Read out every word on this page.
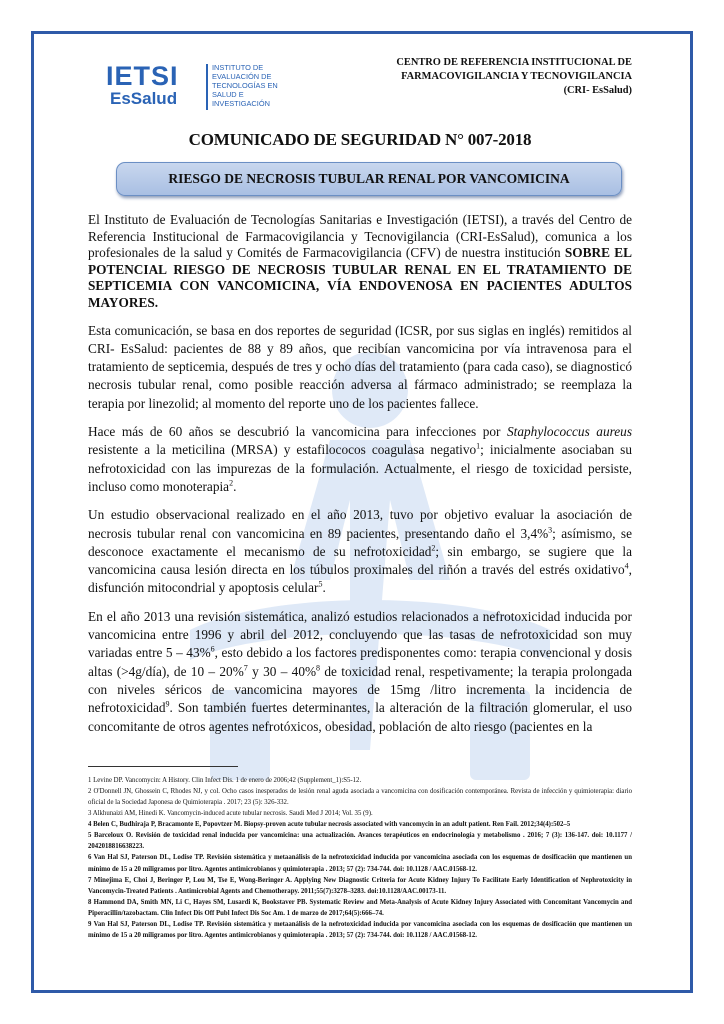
IETSI
EsSalud
INSTITUTO DE
EVALUACIÓN DE
TECNOLOGÍAS EN
SALUD E
INVESTIGACIÓN
CENTRO DE REFERENCIA INSTITUCIONAL DE
FARMACOVIGILANCIA Y TECNOVIGILANCIA
(CRI- EsSalud)
COMUNICADO DE SEGURIDAD N° 007-2018
RIESGO DE NECROSIS TUBULAR RENAL POR VANCOMICINA
El Instituto de Evaluación de Tecnologías Sanitarias e Investigación (IETSI), a través del Centro de Referencia Institucional de Farmacovigilancia y Tecnovigilancia (CRI-EsSalud), comunica a los profesionales de la salud y Comités de Farmacovigilancia (CFV) de nuestra institución SOBRE EL POTENCIAL RIESGO DE NECROSIS TUBULAR RENAL EN EL TRATAMIENTO DE SEPTICEMIA CON VANCOMICINA, VÍA ENDOVENOSA EN PACIENTES ADULTOS MAYORES.
Esta comunicación, se basa en dos reportes de seguridad (ICSR, por sus siglas en inglés) remitidos al CRI- EsSalud: pacientes de 88 y 89 años, que recibían vancomicina por vía intravenosa para el tratamiento de septicemia, después de tres y ocho días del tratamiento (para cada caso), se diagnosticó necrosis tubular renal, como posible reacción adversa al fármaco administrado; se reemplaza la terapia por linezolid; al momento del reporte uno de los pacientes fallece.
Hace más de 60 años se descubrió la vancomicina para infecciones por Staphylococcus aureus resistente a la meticilina (MRSA) y estafilococos coagulasa negativo$^1$; inicialmente asociaban su nefrotoxicidad con las impurezas de la formulación. Actualmente, el riesgo de toxicidad persiste, incluso como monoterapia$^2$.
Un estudio observacional realizado en el año 2013, tuvo por objetivo evaluar la asociación de necrosis tubular renal con vancomicina en 89 pacientes, presentando daño el 3,4%$^3$; asímismo, se desconoce exactamente el mecanismo de su nefrotoxicidad$^2$; sin embargo, se sugiere que la vancomicina causa lesión directa en los túbulos proximales del riñón a través del estrés oxidativo$^4$, disfunción mitocondrial y apoptosis celular$^5$.
En el año 2013 una revisión sistemática, analizó estudios relacionados a nefrotoxicidad inducida por vancomicina entre 1996 y abril del 2012, concluyendo que las tasas de nefrotoxicidad son muy variadas entre 5 – 43%$^6$, esto debido a los factores predisponentes como: terapia convencional y dosis altas (>4g/día), de 10 – 20%$^7$ y 30 – 40%$^8$ de toxicidad renal, respetivamente; la terapia prolongada con niveles séricos de vancomicina mayores de 15mg /litro incrementa la incidencia de nefrotoxicidad$^9$. Son también fuertes determinantes, la alteración de la filtración glomerular, el uso concomitante de otros agentes nefrotóxicos, obesidad, población de alto riesgo (pacientes en la
1 Levine DP. Vancomycin: A History. Clin Infect Dis. 1 de enero de 2006;42 (Supplement_1):S5-12.
2 O'Donnell JN, Ghossein C, Rhodes NJ, y col. Ocho casos inesperados de lesión renal aguda asociada a vancomicina con dosificación contemporánea. Revista de infección y quimioterapia: diario oficial de la Sociedad Japonesa de Quimioterapia . 2017; 23 (5): 326-332.
3 Alkhunaizi AM, Hinedi K. Vancomycin-induced acute tubular necrosis. Saudi Med J 2014; Vol. 35 (9).
4 Belen C, Budhiraja P, Bracamonte E, Popovtzer M. Biopsy-proven acute tubular necrosis associated with vancomycin in an adult patient. Ren Fail. 2012;34(4):502–5
5 Barceloux O. Revisión de toxicidad renal inducida por vancomicina: una actualización. Avances terapéuticos en endocrinología y metabolismo . 2016; 7 (3): 136-147. doi: 10.1177 / 2042018816638223.
6 Van Hal SJ, Paterson DL, Lodise TP. Revisión sistemática y metaanálisis de la nefrotoxicidad inducida por vancomicina asociada con los esquemas de dosificación que mantienen un mínimo de 15 a 20 miligramos por litro. Agentes antimicrobianos y quimioterapia . 2013; 57 (2): 734-744. doi: 10.1128 / AAC.01568-12.
7 Minejima E, Choi J, Beringer P, Lou M, Tse E, Wong-Beringer A. Applying New Diagnostic Criteria for Acute Kidney Injury To Facilitate Early Identification of Nephrotoxicity in Vancomycin-Treated Patients . Antimicrobial Agents and Chemotherapy. 2011;55(7):3278–3283. doi:10.1128/AAC.00173-11.
8 Hammond DA, Smith MN, Li C, Hayes SM, Lusardi K, Bookstaver PB. Systematic Review and Meta-Analysis of Acute Kidney Injury Associated with Concomitant Vancomycin and Piperacillin/tazobactam. Clin Infect Dis Off Publ Infect Dis Soc Am. 1 de marzo de 2017;64(5):666–74.
9 Van Hal SJ, Paterson DL, Lodise TP. Revisión sistemática y metaanálisis de la nefrotoxicidad inducida por vancomicina asociada con los esquemas de dosificación que mantienen un mínimo de 15 a 20 miligramos por litro. Agentes antimicrobianos y quimioterapia . 2013; 57 (2): 734-744. doi: 10.1128 / AAC.01568-12.
